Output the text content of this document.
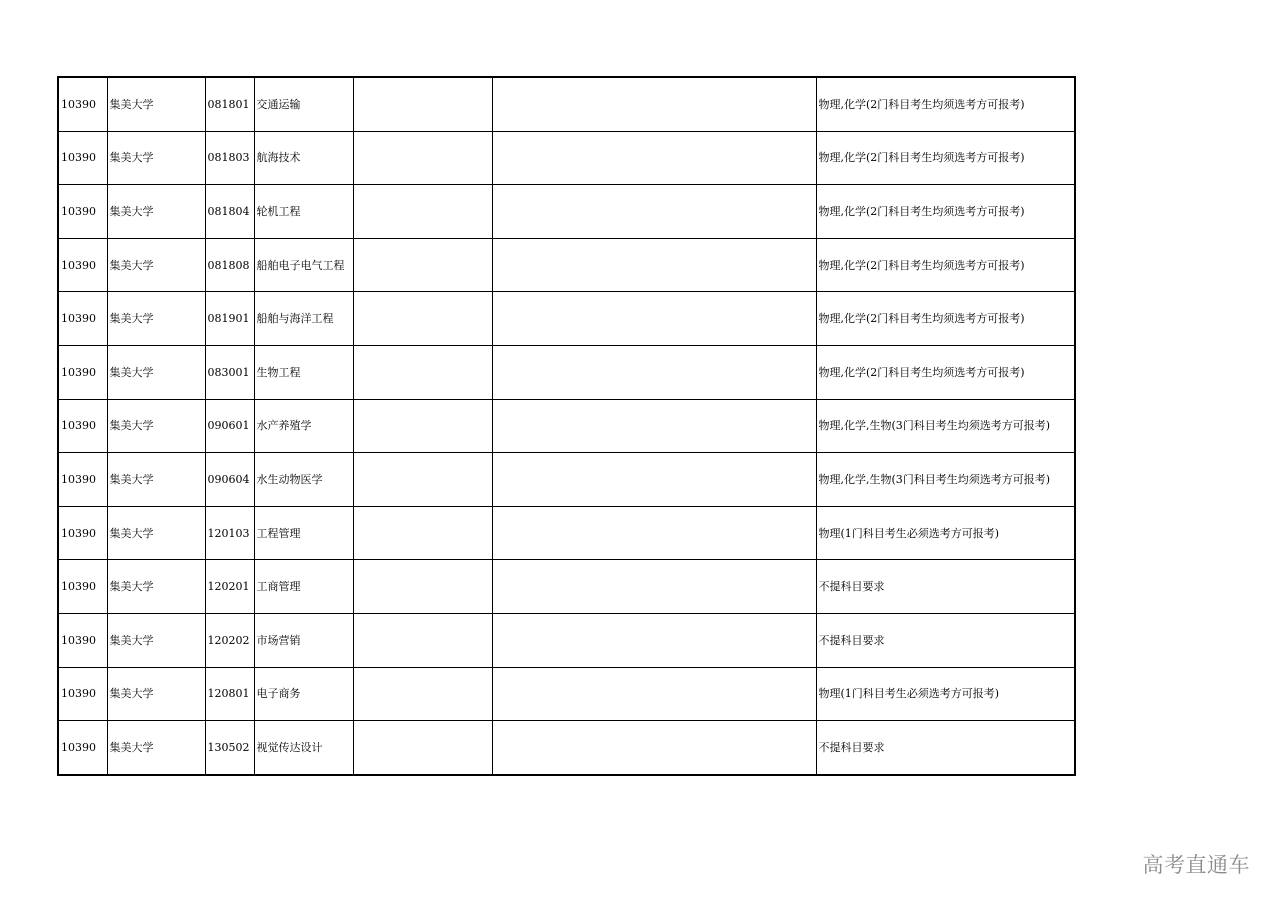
10390	集美大学	081801	交通运输			物理,化学(2门科目考生均须选考方可报考)
10390	集美大学	081803	航海技术			物理,化学(2门科目考生均须选考方可报考)
10390	集美大学	081804	轮机工程			物理,化学(2门科目考生均须选考方可报考)
10390	集美大学	081808	船舶电子电气工程			物理,化学(2门科目考生均须选考方可报考)
10390	集美大学	081901	船舶与海洋工程			物理,化学(2门科目考生均须选考方可报考)
10390	集美大学	083001	生物工程			物理,化学(2门科目考生均须选考方可报考)
10390	集美大学	090601	水产养殖学			物理,化学,生物(3门科目考生均须选考方可报考)
10390	集美大学	090604	水生动物医学			物理,化学,生物(3门科目考生均须选考方可报考)
10390	集美大学	120103	工程管理			物理(1门科目考生必须选考方可报考)
10390	集美大学	120201	工商管理			不提科目要求
10390	集美大学	120202	市场营销			不提科目要求
10390	集美大学	120801	电子商务			物理(1门科目考生必须选考方可报考)
10390	集美大学	130502	视觉传达设计			不提科目要求
高考直通车
